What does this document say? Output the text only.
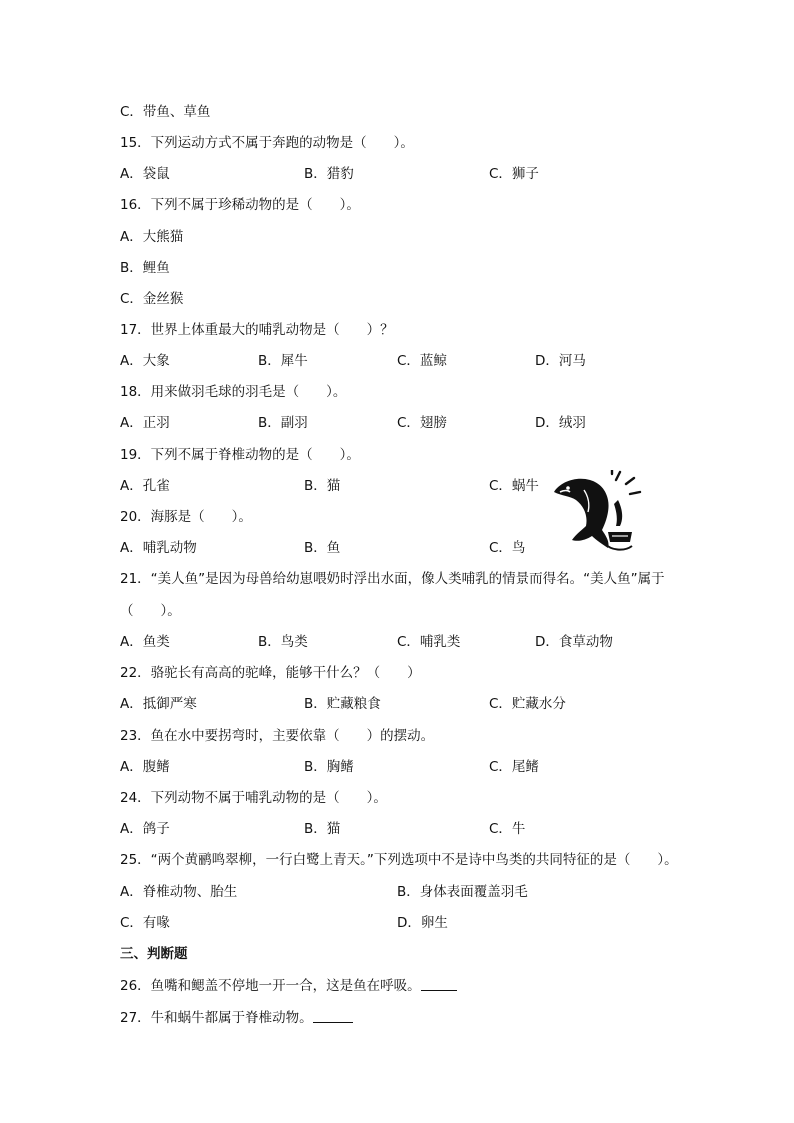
C．带鱼、草鱼
15．下列运动方式不属于奔跑的动物是（　　）。
A．袋鼠	B．猎豹	C．狮子
16．下列不属于珍稀动物的是（　　）。
A．大熊猫
B．鲤鱼
C．金丝猴
17．世界上体重最大的哺乳动物是（　　）？
A．大象	B．犀牛	C．蓝鲸	D．河马
18．用来做羽毛球的羽毛是（　　）。
A．正羽	B．副羽	C．翅膀	D．绒羽
19．下列不属于脊椎动物的是（　　）。
A．孔雀	B．猫	C．蜗牛
20．海豚是（　　）。
A．哺乳动物	B．鱼	C．鸟
21．“美人鱼”是因为母兽给幼崽喂奶时浮出水面，像人类哺乳的情景而得名。“美人鱼”属于
（　　）。
A．鱼类	B．鸟类	C．哺乳类	D．食草动物
22．骆驼长有高高的驼峰，能够干什么？（　　）
A．抵御严寒	B．贮藏粮食	C．贮藏水分
23．鱼在水中要拐弯时，主要依靠（　　）的摆动。
A．腹鳍	B．胸鳍	C．尾鳍
24．下列动物不属于哺乳动物的是（　　）。
A．鸽子	B．猫	C．牛
25．“两个黄鹂鸣翠柳，一行白鹭上青天。”下列选项中不是诗中鸟类的共同特征的是（　　）。
A．脊椎动物、胎生	B．身体表面覆盖羽毛
C．有喙	D．卵生
三、判断题
26．鱼嘴和鳃盖不停地一开一合，这是鱼在呼吸。
27．牛和蜗牛都属于脊椎动物。
